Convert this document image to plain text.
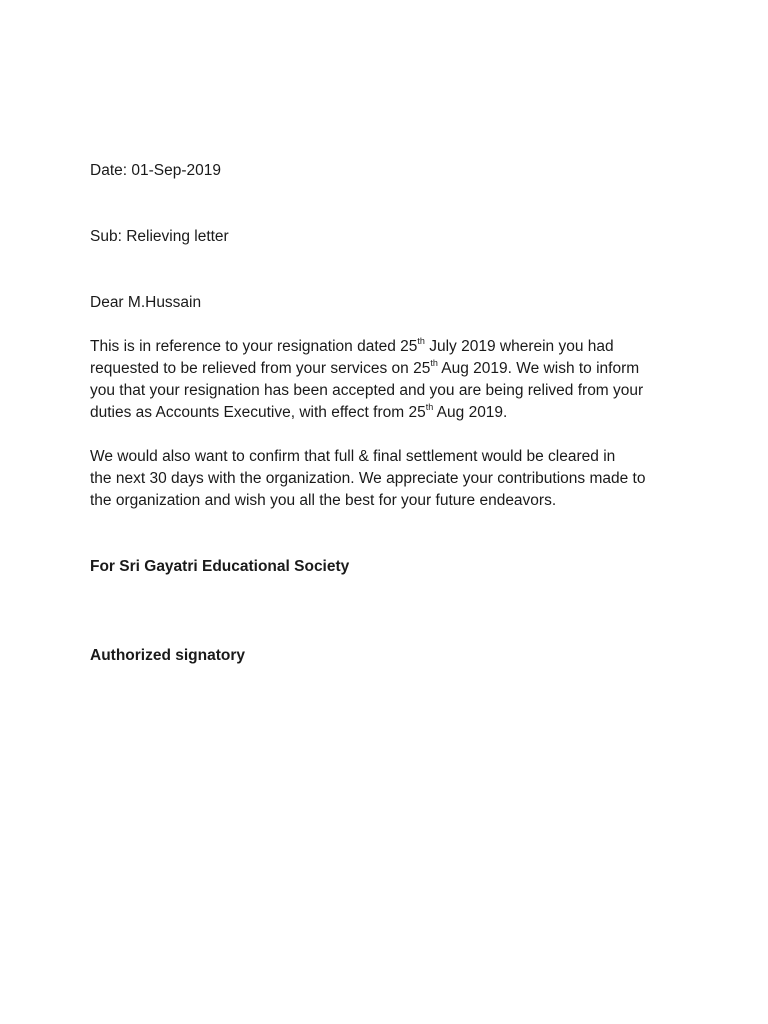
Date: 01-Sep-2019

Sub: Relieving letter

Dear M.Hussain

This is in reference to your resignation dated 25th July 2019 wherein you had
requested to be relieved from your services on 25th Aug 2019. We wish to inform
you that your resignation has been accepted and you are being relived from your
duties as Accounts Executive, with effect from 25th Aug 2019.

We would also want to confirm that full & final settlement would be cleared in
the next 30 days with the organization. We appreciate your contributions made to
the organization and wish you all the best for your future endeavors.

For Sri Gayatri Educational Society

Authorized signatory
